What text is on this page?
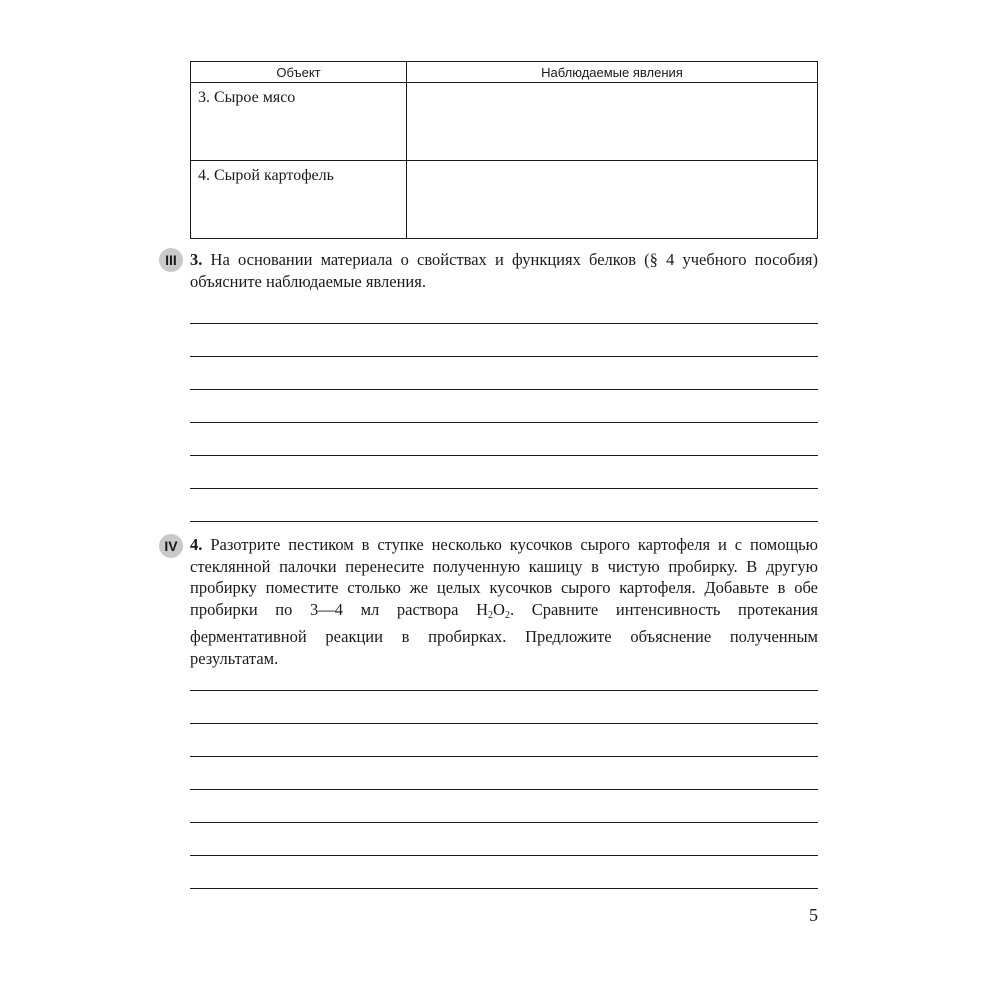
Объект	Наблюдаемые явления

3. Сырое мясо	

4. Сырой картофель	

III 3. На основании материала о свойствах и функциях белков (§ 4 учебного пособия) объясните наблюдаемые явления.
IV 4. Разотрите пестиком в ступке несколько кусочков сырого картофеля и с помощью стеклянной палочки перенесите полученную кашицу в чистую пробирку. В другую пробирку поместите столько же целых кусочков сырого картофеля. Добавьте в обе пробирки по 3—4 мл раствора $H_2O_2$. Сравните интенсивность протекания ферментативной реакции в пробирках. Предложите объяснение полученным результатам.
5
